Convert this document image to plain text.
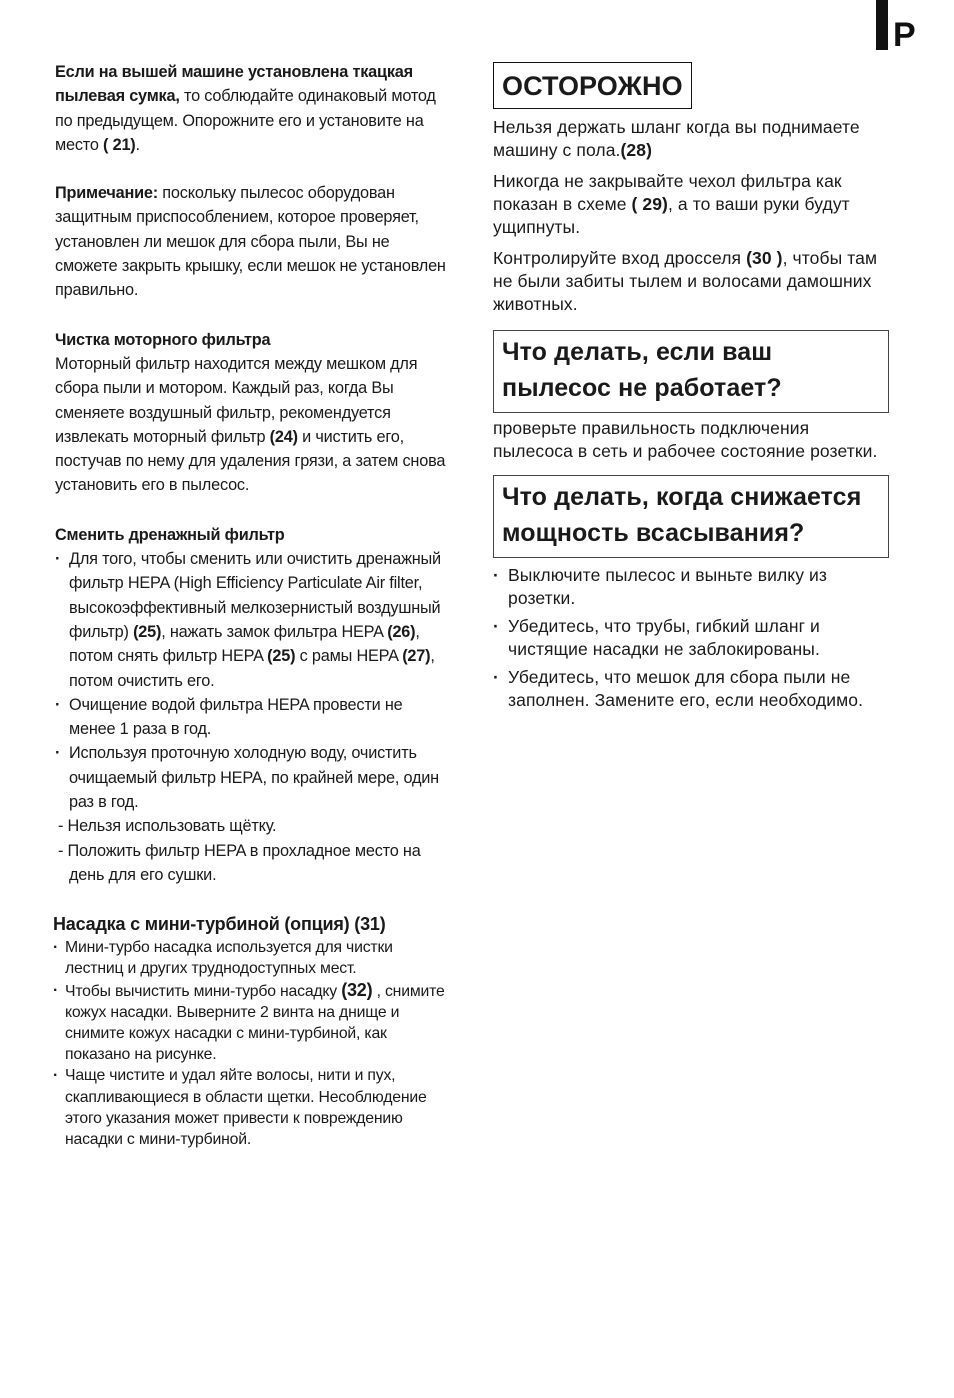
P

Если на вышей машине установлена ткацкая пылевая сумка, то соблюдайте одинаковый мотод по предыдущем. Опорожните его и установите на место ( 21).

Примечание: поскольку пылесос оборудован защитным приспособлением, которое проверяет, установлен ли мешок для сбора пыли, Вы не сможете закрыть крышку, если мешок не установлен правильно.

Чистка моторного фильтра

Моторный фильтр находится между мешком для сбора пыли и мотором. Каждый раз, когда Вы сменяете воздушный фильтр, рекомендуется извлекать моторный фильтр (24) и чистить его, постучав по нему для удаления грязи, а затем снова установить его в пылесос.

Сменить дренажный фильтр
· Для того, чтобы сменить или очистить дренажный фильтр HEPA (High Efficiency Particulate Air filter, высокоэффективный мелкозернистый воздушный фильтр) (25), нажать замок фильтра HEPA (26), потом снять фильтр HEPA (25) с рамы HEPA (27), потом очистить его.
· Очищение водой фильтра HEPA провести не менее 1 раза в год.
· Используя проточную холодную воду, очистить очищаемый фильтр HEPA, по крайней мере, один раз в год.
- Нельзя использовать щётку.
- Положить фильтр HEPA в прохладное место на день для его сушки.
Насадка с мини-турбиной (опция) (31)
· Мини-турбо насадка используется для чистки лестниц и других труднодоступных мест.
· Чтобы вычистить мини-турбо насадку (32) , снимите кожух насадки. Выверните 2 винта на днище и снимите кожух насадки с мини-турбиной, как показано на рисунке.
· Чаще чистите и удал яйте волосы, нити и пух, скапливающиеся в области щетки. Несоблюдение этого указания может привести к повреждению насадки с мини-турбиной.
ОСТОРОЖНО

Нельзя держать шланг когда вы поднимаете машину с пола.(28)

Никогда не закрывайте чехол фильтра как показан в схеме ( 29), а то ваши руки будут ущипнуты.

Контролируйте вход дросселя (30 ), чтобы там не были забиты тылем и волосами дамошних животных.

Что делать, если ваш пылесос не работает?

проверьте правильность подключения пылесоса в сеть и рабочее состояние розетки.

Что делать, когда снижается мощность всасывания?
· Выключите пылесос и выньте вилку из розетки.
· Убедитесь, что трубы, гибкий шланг и чистящие насадки не заблокированы.
· Убедитесь, что мешок для сбора пыли не заполнен. Замените его, если необходимо.
